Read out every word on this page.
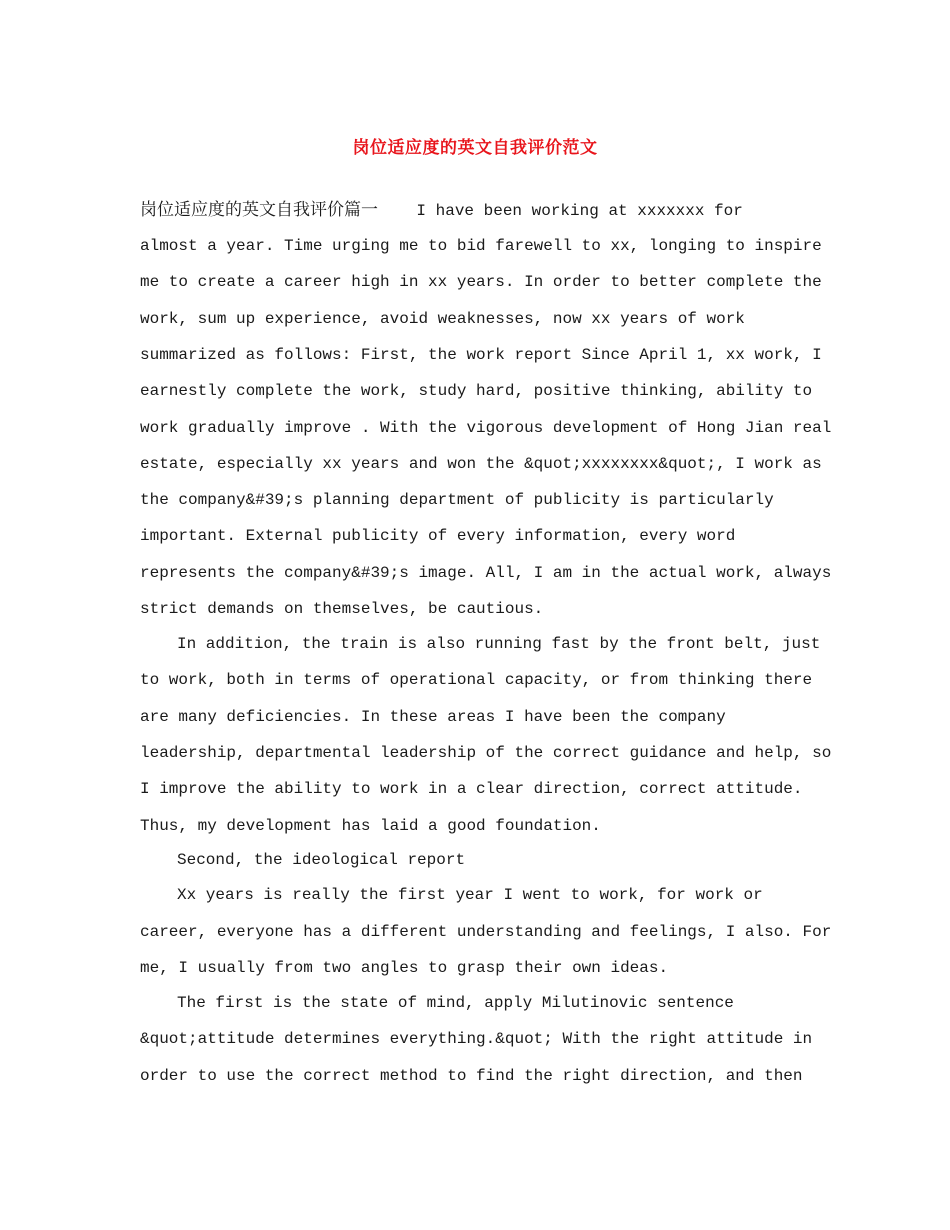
岗位适应度的英文自我评价范文
岗位适应度的英文自我评价篇一    I have been working at xxxxxxx for
almost a year. Time urging me to bid farewell to xx, longing to inspire
me to create a career high in xx years. In order to better complete the
work, sum up experience, avoid weaknesses, now xx years of work
summarized as follows: First, the work report Since April 1, xx work, I
earnestly complete the work, study hard, positive thinking, ability to
work gradually improve . With the vigorous development of Hong Jian real
estate, especially xx years and won the &quot;xxxxxxxx&quot;, I work as
the company&#39;s planning department of publicity is particularly
important. External publicity of every information, every word
represents the company&#39;s image. All, I am in the actual work, always
strict demands on themselves, be cautious.
In addition, the train is also running fast by the front belt, just
to work, both in terms of operational capacity, or from thinking there
are many deficiencies. In these areas I have been the company
leadership, departmental leadership of the correct guidance and help, so
I improve the ability to work in a clear direction, correct attitude.
Thus, my development has laid a good foundation.
Second, the ideological report
Xx years is really the first year I went to work, for work or
career, everyone has a different understanding and feelings, I also. For
me, I usually from two angles to grasp their own ideas.
The first is the state of mind, apply Milutinovic sentence
&quot;attitude determines everything.&quot; With the right attitude in
order to use the correct method to find the right direction, and then
